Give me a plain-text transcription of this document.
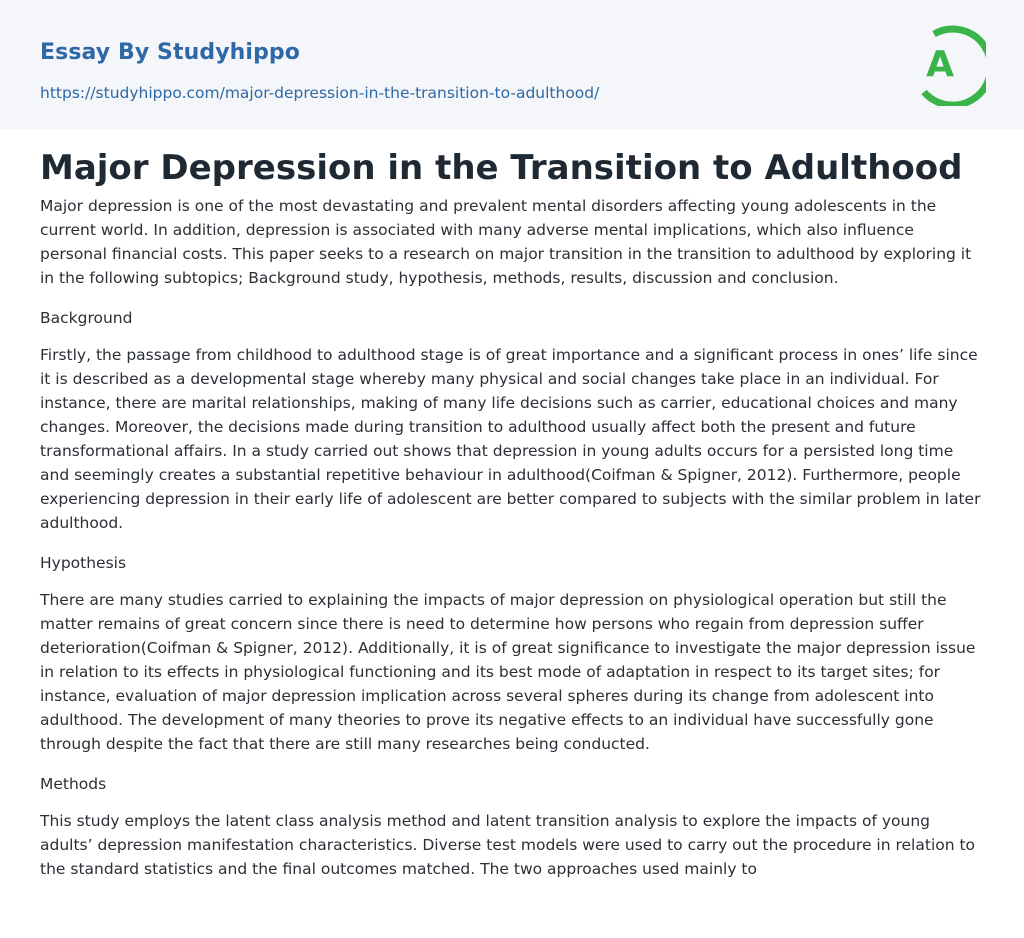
Essay By Studyhippo
https://studyhippo.com/major-depression-in-the-transition-to-adulthood/
A
Major Depression in the Transition to Adulthood

Major depression is one of the most devastating and prevalent mental disorders affecting young adolescents in the current world. In addition, depression is associated with many adverse mental implications, which also influence personal financial costs. This paper seeks to a research on major transition in the transition to adulthood by exploring it in the following subtopics; Background study, hypothesis, methods, results, discussion and conclusion.

Background

Firstly, the passage from childhood to adulthood stage is of great importance and a significant process in ones’ life since it is described as a developmental stage whereby many physical and social changes take place in an individual. For instance, there are marital relationships, making of many life decisions such as carrier, educational choices and many changes. Moreover, the decisions made during transition to adulthood usually affect both the present and future transformational affairs. In a study carried out shows that depression in young adults occurs for a persisted long time and seemingly creates a substantial repetitive behaviour in adulthood(Coifman & Spigner, 2012). Furthermore, people experiencing depression in their early life of adolescent are better compared to subjects with the similar problem in later adulthood.

Hypothesis

There are many studies carried to explaining the impacts of major depression on physiological operation but still the matter remains of great concern since there is need to determine how persons who regain from depression suffer deterioration(Coifman & Spigner, 2012). Additionally, it is of great significance to investigate the major depression issue in relation to its effects in physiological functioning and its best mode of adaptation in respect to its target sites; for instance, evaluation of major depression implication across several spheres during its change from adolescent into adulthood. The development of many theories to prove its negative effects to an individual have successfully gone through despite the fact that there are still many researches being conducted.

Methods

This study employs the latent class analysis method and latent transition analysis to explore the impacts of young adults’ depression manifestation characteristics. Diverse test models were used to carry out the procedure in relation to the standard statistics and the final outcomes matched. The two approaches used mainly to
